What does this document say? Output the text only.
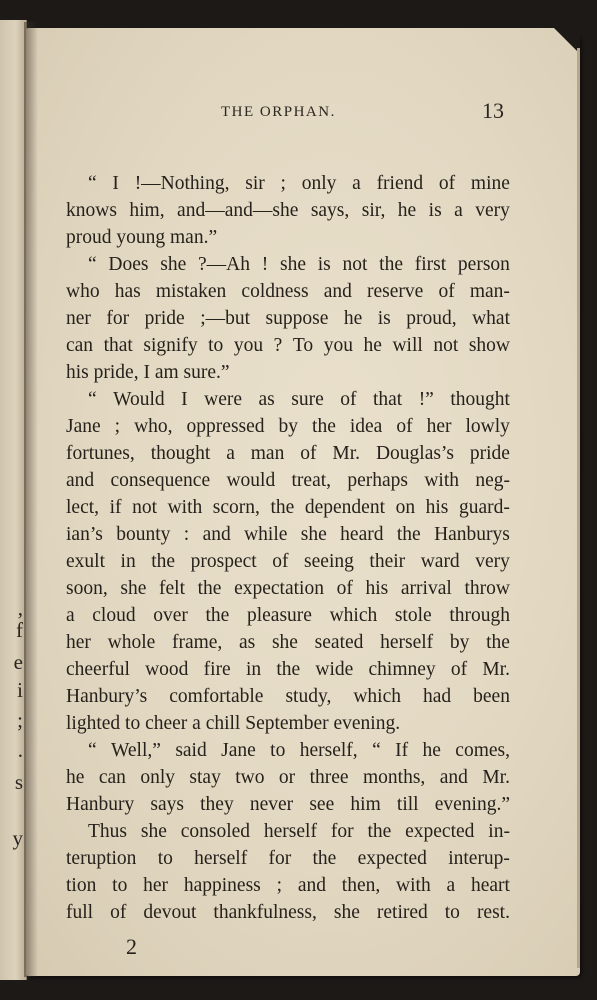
,
f
e
i
;
.
s
y
THE ORPHAN.	13
“ I !—Nothing, sir ; only a friend of mine
knows him, and—and—she says, sir, he is a very
proud young man.”
“ Does she ?—Ah ! she is not the first person
who has mistaken coldness and reserve of man-
ner for pride ;—but suppose he is proud, what
can that signify to you ? To you he will not show
his pride, I am sure.”
“ Would I were as sure of that !” thought
Jane ; who, oppressed by the idea of her lowly
fortunes, thought a man of Mr. Douglas’s pride
and consequence would treat, perhaps with neg-
lect, if not with scorn, the dependent on his guard-
ian’s bounty : and while she heard the Hanburys
exult in the prospect of seeing their ward very
soon, she felt the expectation of his arrival throw
a cloud over the pleasure which stole through
her whole frame, as she seated herself by the
cheerful wood fire in the wide chimney of Mr.
Hanbury’s comfortable study, which had been
lighted to cheer a chill September evening.
“ Well,” said Jane to herself, “ If he comes,
he can only stay two or three months, and Mr.
Hanbury says they never see him till evening.”
Thus she consoled herself for the expected in-
teruption to herself for the expected interup-
tion to her happiness ; and then, with a heart
full of devout thankfulness, she retired to rest.
2
